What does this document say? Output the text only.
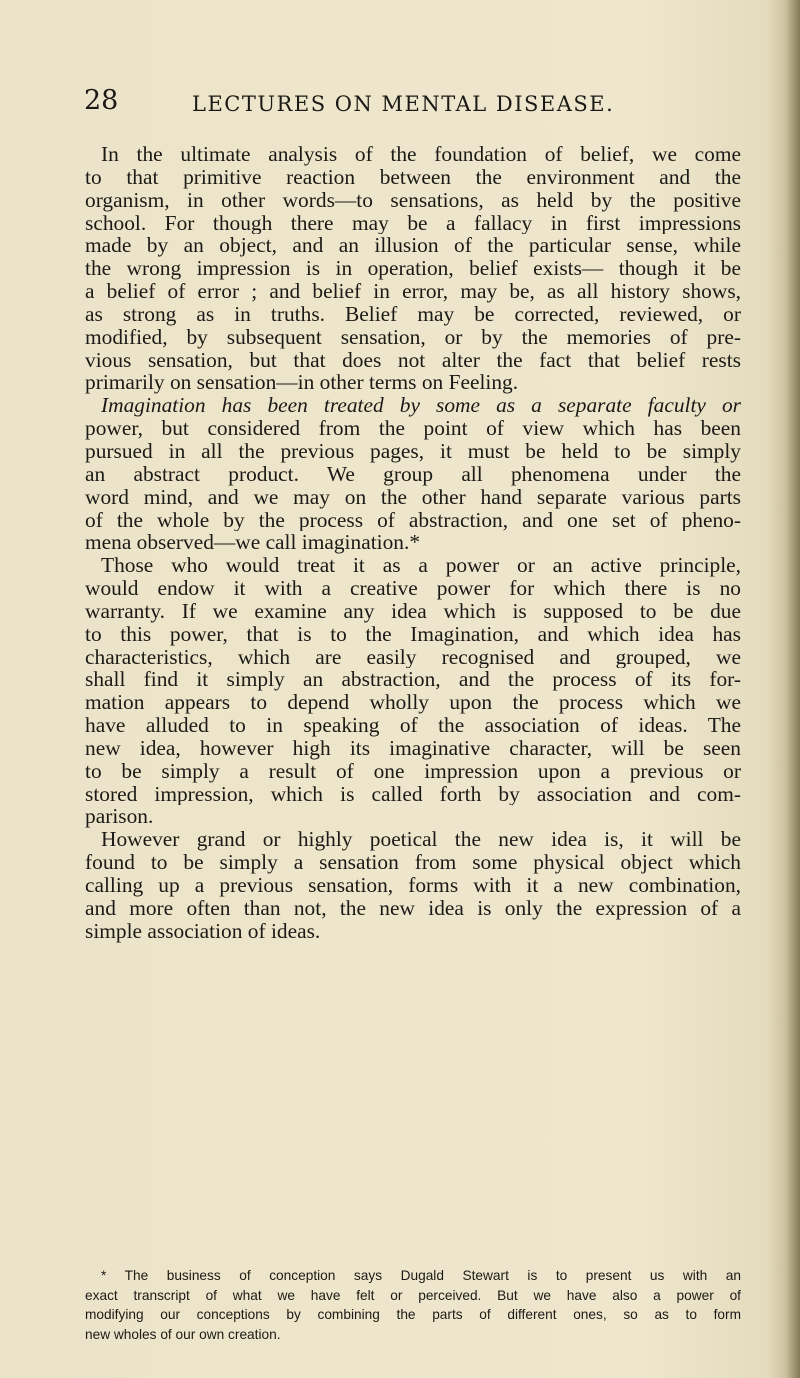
28	LECTURES ON MENTAL DISEASE.
In the ultimate analysis of the foundation of belief, we come
to that primitive reaction between the environment and the
organism, in other words—to sensations, as held by the positive
school. For though there may be a fallacy in first impressions
made by an object, and an illusion of the particular sense, while
the wrong impression is in operation, belief exists— though it be
a belief of error ; and belief in error, may be, as all history shows,
as strong as in truths. Belief may be corrected, reviewed, or
modified, by subsequent sensation, or by the memories of pre-
vious sensation, but that does not alter the fact that belief rests
primarily on sensation—in other terms on Feeling.
Imagination has been treated by some as a separate faculty or
power, but considered from the point of view which has been
pursued in all the previous pages, it must be held to be simply
an abstract product. We group all phenomena under the
word mind, and we may on the other hand separate various parts
of the whole by the process of abstraction, and one set of pheno-
mena observed—we call imagination.*
Those who would treat it as a power or an active principle,
would endow it with a creative power for which there is no
warranty. If we examine any idea which is supposed to be due
to this power, that is to the Imagination, and which idea has
characteristics, which are easily recognised and grouped, we
shall find it simply an abstraction, and the process of its for-
mation appears to depend wholly upon the process which we
have alluded to in speaking of the association of ideas. The
new idea, however high its imaginative character, will be seen
to be simply a result of one impression upon a previous or
stored impression, which is called forth by association and com-
parison.
However grand or highly poetical the new idea is, it will be
found to be simply a sensation from some physical object which
calling up a previous sensation, forms with it a new combination,
and more often than not, the new idea is only the expression of a
simple association of ideas.
* The business of conception says Dugald Stewart is to present us with an
exact transcript of what we have felt or perceived. But we have also a power of
modifying our conceptions by combining the parts of different ones, so as to form
new wholes of our own creation.
